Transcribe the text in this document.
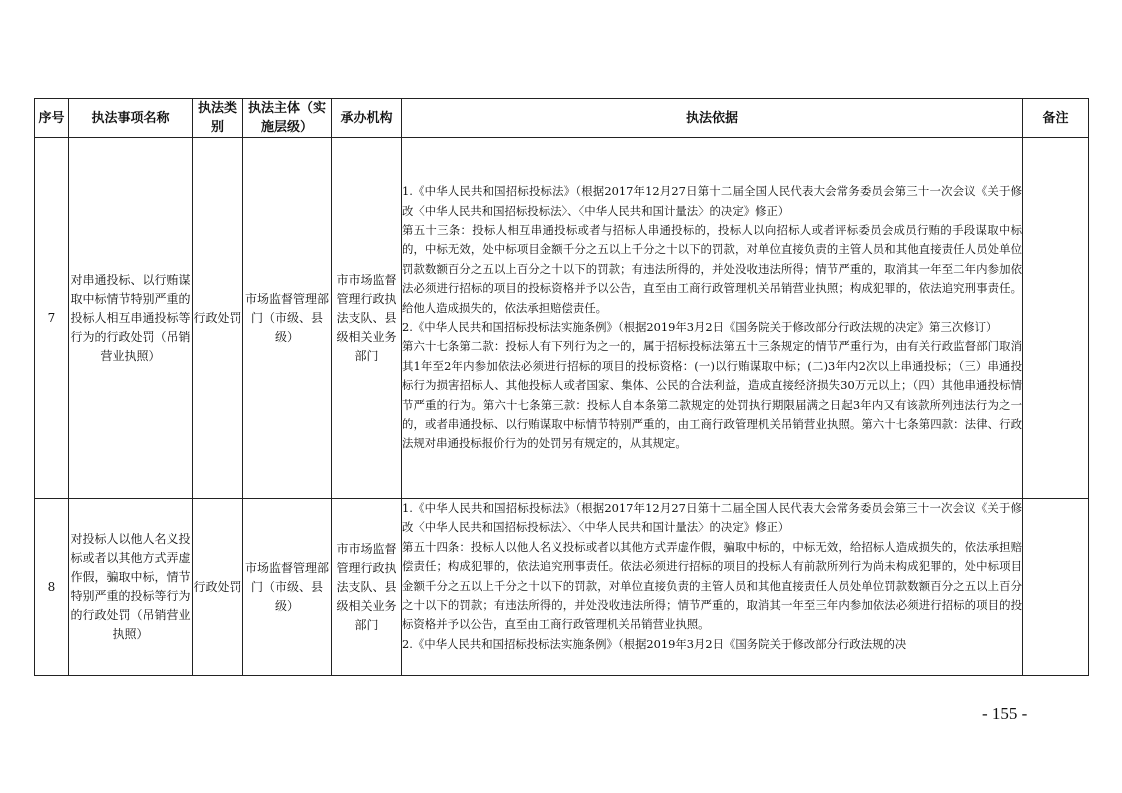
序号	执法事项名称	执法类别	执法主体（实施层级）	承办机构	执法依据	备注
7	对串通投标、以行贿谋取中标情节特别严重的投标人相互串通投标等行为的行政处罚（吊销营业执照）	行政处罚	市场监督管理部门（市级、县级）	市市场监督管理行政执法支队、县级相关业务部门	1.《中华人民共和国招标投标法》（根据2017年12月27日第十二届全国人民代表大会常务委员会第三十一次会议《关于修改〈中华人民共和国招标投标法〉、〈中华人民共和国计量法〉的决定》修正）

第五十三条：投标人相互串通投标或者与招标人串通投标的，投标人以向招标人或者评标委员会成员行贿的手段谋取中标的，中标无效，处中标项目金额千分之五以上千分之十以下的罚款，对单位直接负责的主管人员和其他直接责任人员处单位罚款数额百分之五以上百分之十以下的罚款；有违法所得的，并处没收违法所得；情节严重的，取消其一年至二年内参加依法必须进行招标的项目的投标资格并予以公告，直至由工商行政管理机关吊销营业执照；构成犯罪的，依法追究刑事责任。给他人造成损失的，依法承担赔偿责任。

2.《中华人民共和国招标投标法实施条例》（根据2019年3月2日《国务院关于修改部分行政法规的决定》第三次修订）

第六十七条第二款：投标人有下列行为之一的，属于招标投标法第五十三条规定的情节严重行为，由有关行政监督部门取消其1年至2年内参加依法必须进行招标的项目的投标资格：(一)以行贿谋取中标；(二)3年内2次以上串通投标；（三）串通投标行为损害招标人、其他投标人或者国家、集体、公民的合法利益，造成直接经济损失30万元以上；（四）其他串通投标情节严重的行为。第六十七条第三款：投标人自本条第二款规定的处罚执行期限届满之日起3年内又有该款所列违法行为之一的，或者串通投标、以行贿谋取中标情节特别严重的，由工商行政管理机关吊销营业执照。第六十七条第四款：法律、行政法规对串通投标报价行为的处罚另有规定的，从其规定。	

8	对投标人以他人名义投标或者以其他方式弄虚作假，骗取中标，情节特别严重的投标等行为的行政处罚（吊销营业执照）	行政处罚	市场监督管理部门（市级、县级）	市市场监督管理行政执法支队、县级相关业务部门	1.《中华人民共和国招标投标法》（根据2017年12月27日第十二届全国人民代表大会常务委员会第三十一次会议《关于修改〈中华人民共和国招标投标法〉、〈中华人民共和国计量法〉的决定》修正）

第五十四条：投标人以他人名义投标或者以其他方式弄虚作假，骗取中标的，中标无效，给招标人造成损失的，依法承担赔偿责任；构成犯罪的，依法追究刑事责任。依法必须进行招标的项目的投标人有前款所列行为尚未构成犯罪的，处中标项目金额千分之五以上千分之十以下的罚款，对单位直接负责的主管人员和其他直接责任人员处单位罚款数额百分之五以上百分之十以下的罚款；有违法所得的，并处没收违法所得；情节严重的，取消其一年至三年内参加依法必须进行招标的项目的投标资格并予以公告，直至由工商行政管理机关吊销营业执照。

2.《中华人民共和国招标投标法实施条例》（根据2019年3月2日《国务院关于修改部分行政法规的决	

- 155 -
